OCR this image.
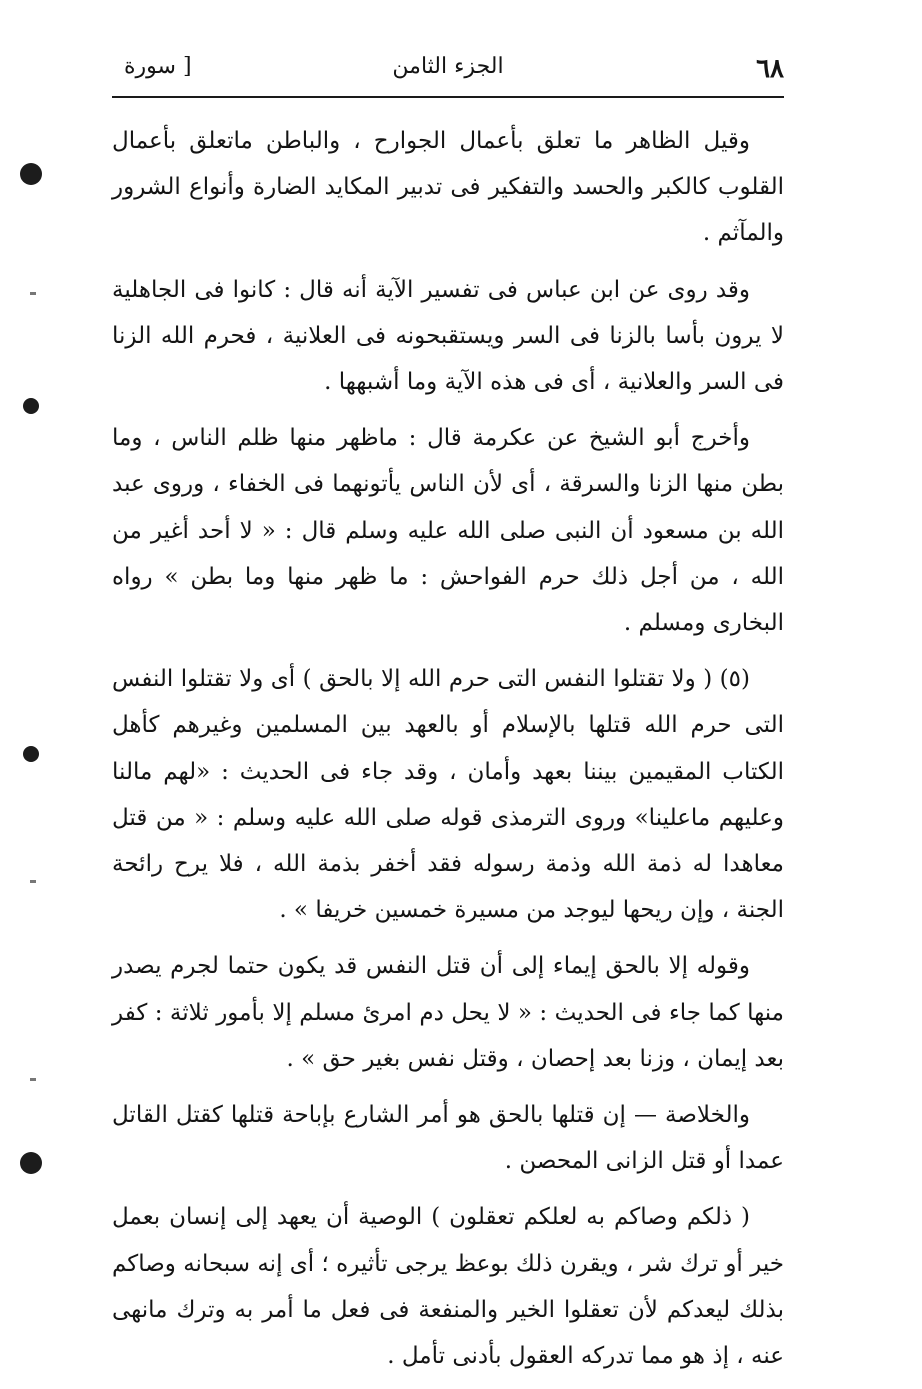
٦٨
الجزء الثامن
[ سورة

وقيل الظاهر ما تعلق بأعمال الجوارح ، والباطن ماتعلق بأعمال القلوب كالكبر والحسد والتفكير فى تدبير المكايد الضارة وأنواع الشرور والمآثم .

وقد روى عن ابن عباس فى تفسير الآية أنه قال : كانوا فى الجاهلية لا يرون بأسا بالزنا فى السر ويستقبحونه فى العلانية ، فحرم الله الزنا فى السر والعلانية ، أى فى هذه الآية وما أشبهها .

وأخرج أبو الشيخ عن عكرمة قال : ماظهر منها ظلم الناس ، وما بطن منها الزنا والسرقة ، أى لأن الناس يأتونهما فى الخفاء ، وروى عبد الله بن مسعود أن النبى صلى الله عليه وسلم قال : « لا أحد أغير من الله ، من أجل ذلك حرم الفواحش : ما ظهر منها وما بطن » رواه البخارى ومسلم .

(٥) ( ولا تقتلوا النفس التى حرم الله إلا بالحق ) أى ولا تقتلوا النفس التى حرم الله قتلها بالإسلام أو بالعهد بين المسلمين وغيرهم كأهل الكتاب المقيمين بيننا بعهد وأمان ، وقد جاء فى الحديث : «لهم مالنا وعليهم ماعلينا» وروى الترمذى قوله صلى الله عليه وسلم : « من قتل معاهدا له ذمة الله وذمة رسوله فقد أخفر بذمة الله ، فلا يرح رائحة الجنة ، وإن ريحها ليوجد من مسيرة خمسين خريفا » .

وقوله إلا بالحق إيماء إلى أن قتل النفس قد يكون حتما لجرم يصدر منها كما جاء فى الحديث : « لا يحل دم امرئ مسلم إلا بأمور ثلاثة : كفر بعد إيمان ، وزنا بعد إحصان ، وقتل نفس بغير حق » .

والخلاصة — إن قتلها بالحق هو أمر الشارع بإباحة قتلها كقتل القاتل عمدا أو قتل الزانى المحصن .

( ذلكم وصاكم به لعلكم تعقلون ) الوصية أن يعهد إلى إنسان بعمل خير أو ترك شر ، ويقرن ذلك بوعظ يرجى تأثيره ؛ أى إنه سبحانه وصاكم بذلك ليعدكم لأن تعقلوا الخير والمنفعة فى فعل ما أمر به وترك مانهى عنه ، إذ هو مما تدركه العقول بأدنى تأمل .
